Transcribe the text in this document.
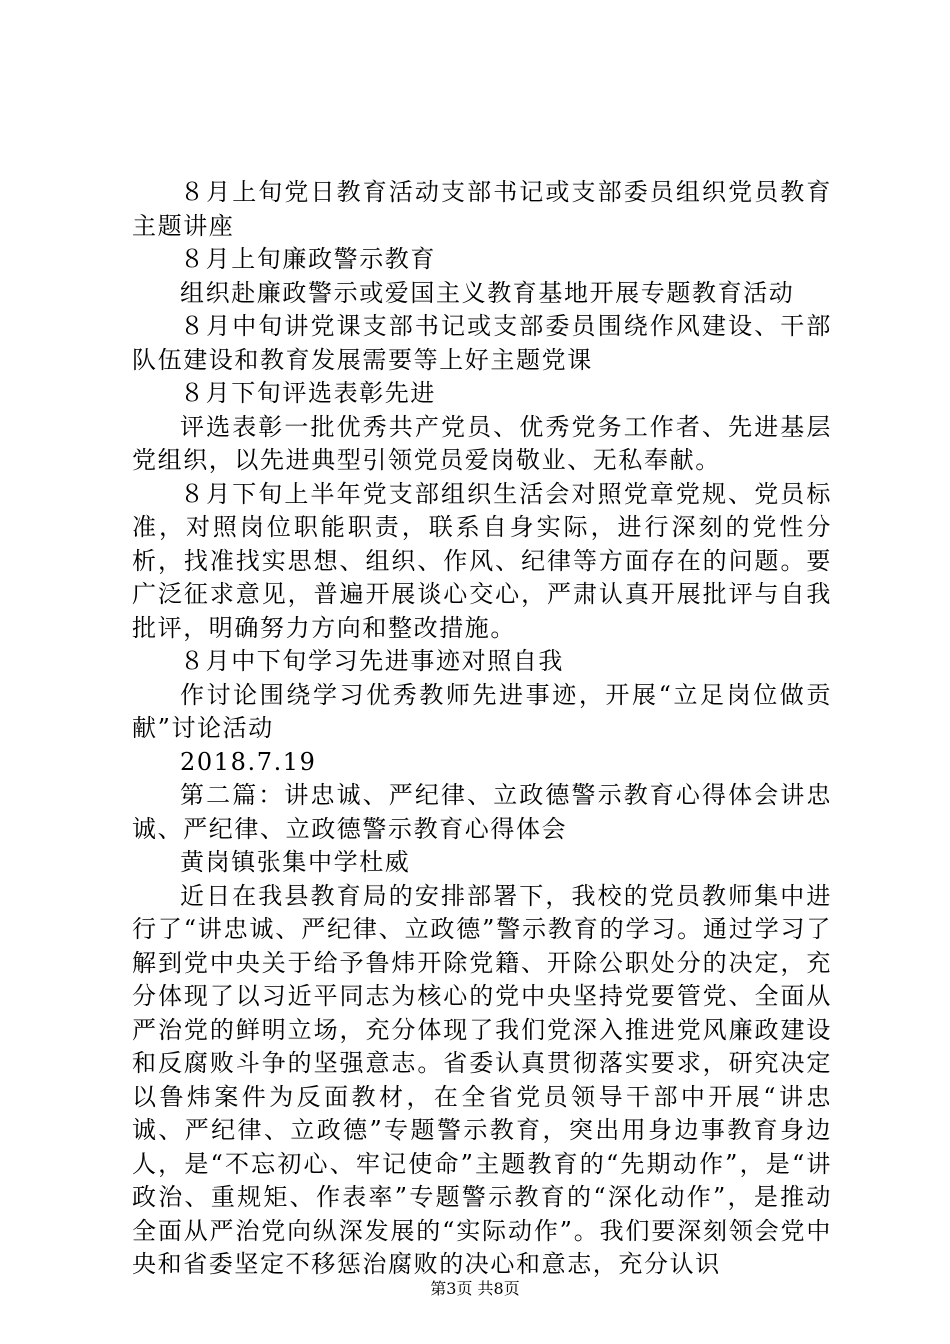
８月上旬党日教育活动支部书记或支部委员组织党员教育主题讲座

８月上旬廉政警示教育

组织赴廉政警示或爱国主义教育基地开展专题教育活动

８月中旬讲党课支部书记或支部委员围绕作风建设、干部队伍建设和教育发展需要等上好主题党课

８月下旬评选表彰先进

评选表彰一批优秀共产党员、优秀党务工作者、先进基层党组织，以先进典型引领党员爱岗敬业、无私奉献。

８月下旬上半年党支部组织生活会对照党章党规、党员标准，对照岗位职能职责，联系自身实际，进行深刻的党性分析，找准找实思想、组织、作风、纪律等方面存在的问题。要广泛征求意见，普遍开展谈心交心，严肃认真开展批评与自我批评，明确努力方向和整改措施。

８月中下旬学习先进事迹对照自我

作讨论围绕学习优秀教师先进事迹，开展“立足岗位做贡献”讨论活动

2018.7.19

第二篇：讲忠诚、严纪律、立政德警示教育心得体会讲忠诚、严纪律、立政德警示教育心得体会

黄岗镇张集中学杜威

近日在我县教育局的安排部署下，我校的党员教师集中进行了“讲忠诚、严纪律、立政德”警示教育的学习。通过学习了解到党中央关于给予鲁炜开除党籍、开除公职处分的决定，充分体现了以习近平同志为核心的党中央坚持党要管党、全面从严治党的鲜明立场，充分体现了我们党深入推进党风廉政建设和反腐败斗争的坚强意志。省委认真贯彻落实要求，研究决定以鲁炜案件为反面教材，在全省党员领导干部中开展“讲忠诚、严纪律、立政德”专题警示教育，突出用身边事教育身边人，是“不忘初心、牢记使命”主题教育的“先期动作”，是“讲政治、重规矩、作表率”专题警示教育的“深化动作”，是推动全面从严治党向纵深发展的“实际动作”。我们要深刻领会党中央和省委坚定不移惩治腐败的决心和意志，充分认识

第3页 共8页
